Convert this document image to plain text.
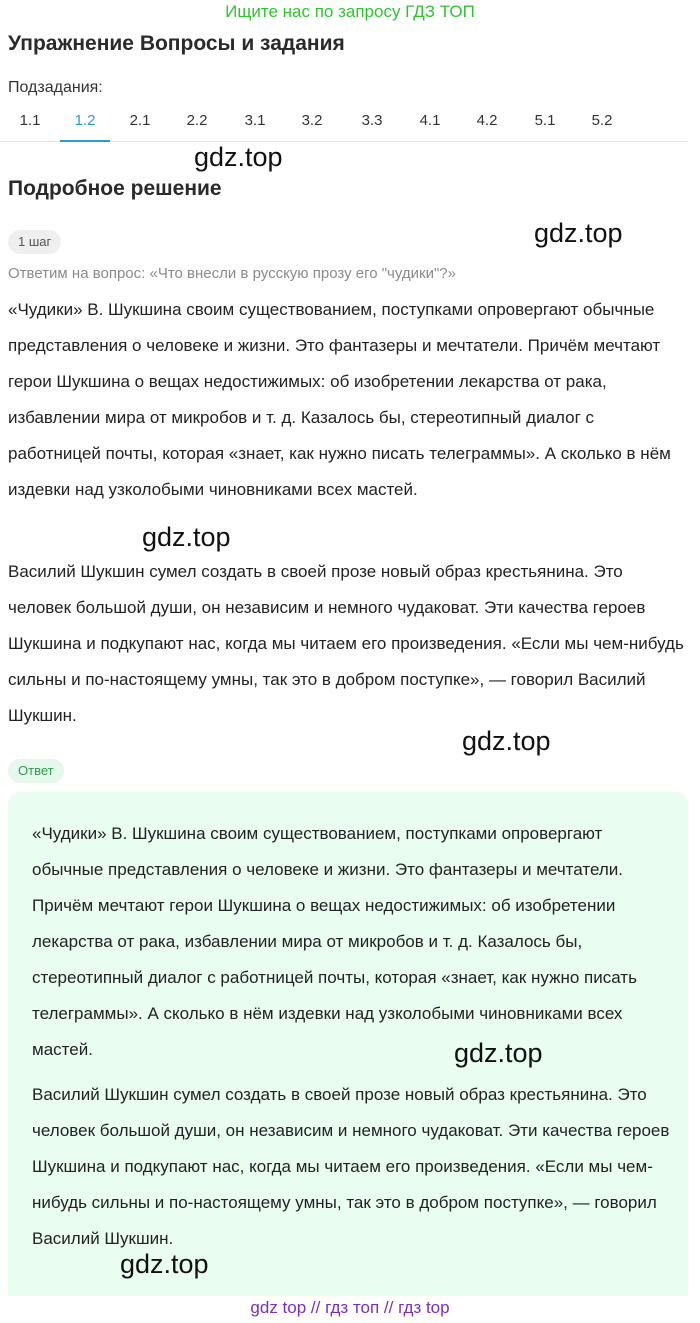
Ищите нас по запросу ГДЗ ТОП
Упражнение Вопросы и задания
Подзадания:
1.1	1.2	2.1	2.2	3.1	3.2	3.3	4.1	4.2	5.1	5.2
gdz.top
Подробное решение
gdz.top
1 шаг
Ответим на вопрос: «Что внесли в русскую прозу его "чудики"?»

«Чудики» В. Шукшина своим существованием, поступками опровергают обычные представления о человеке и жизни. Это фантазеры и мечтатели. Причём мечтают герои Шукшина о вещах недостижимых: об изобретении лекарства от рака, избавлении мира от микробов и т. д. Казалось бы, стереотипный диалог с работницей почты, которая «знает, как нужно писать телеграммы». А сколько в нём издевки над узколобыми чиновниками всех мастей.

gdz.top

Василий Шукшин сумел создать в своей прозе новый образ крестьянина. Это человек большой души, он независим и немного чудаковат. Эти качества героев Шукшина и подкупают нас, когда мы читаем его произведения. «Если мы чем-нибудь сильны и по-настоящему умны, так это в добром поступке», — говорил Василий Шукшин.

gdz.top
Ответ

«Чудики» В. Шукшина своим существованием, поступками опровергают обычные представления о человеке и жизни. Это фантазеры и мечтатели. Причём мечтают герои Шукшина о вещах недостижимых: об изобретении лекарства от рака, избавлении мира от микробов и т. д. Казалось бы, стереотипный диалог с работницей почты, которая «знает, как нужно писать телеграммы». А сколько в нём издевки над узколобыми чиновниками всех мастей.	gdz.top

Василий Шукшин сумел создать в своей прозе новый образ крестьянина. Это человек большой души, он независим и немного чудаковат. Эти качества героев Шукшина и подкупают нас, когда мы читаем его произведения. «Если мы чем-нибудь сильны и по-настоящему умны, так это в добром поступке», — говорил Василий Шукшин.

gdz.top
gdz top // гдз топ // гдз top
